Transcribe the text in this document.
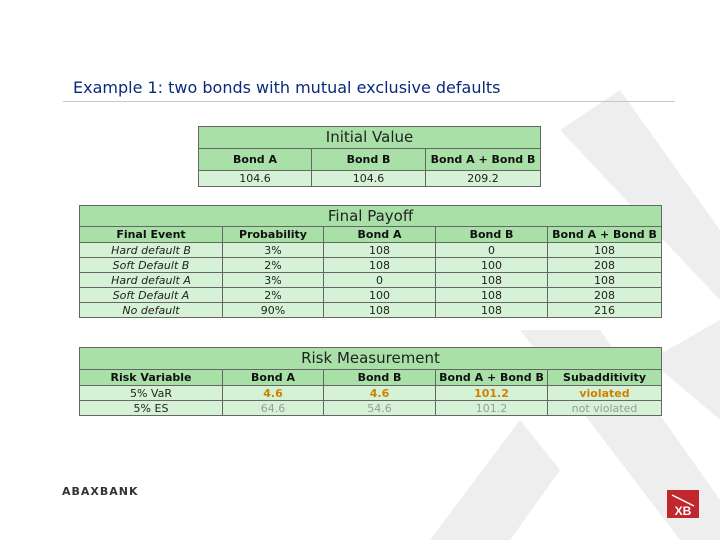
Example 1: two bonds with mutual exclusive defaults
Initial Value		
Bond A	Bond B	Bond A + Bond B
104.6	104.6	209.2
Final Payoff				
Final Event	Probability	Bond A	Bond B	Bond A + Bond B
Hard default B	3%	108	0	108
Soft Default B	2%	108	100	208
Hard default A	3%	0	108	108
Soft Default A	2%	100	108	208
No default	90%	108	108	216
Risk Measurement				
Risk Variable	Bond A	Bond B	Bond A + Bond B	Subadditivity
5% VaR	4.6	4.6	101.2	violated
5% ES	64.6	54.6	101.2	not violated
ABAXBANK
XB
